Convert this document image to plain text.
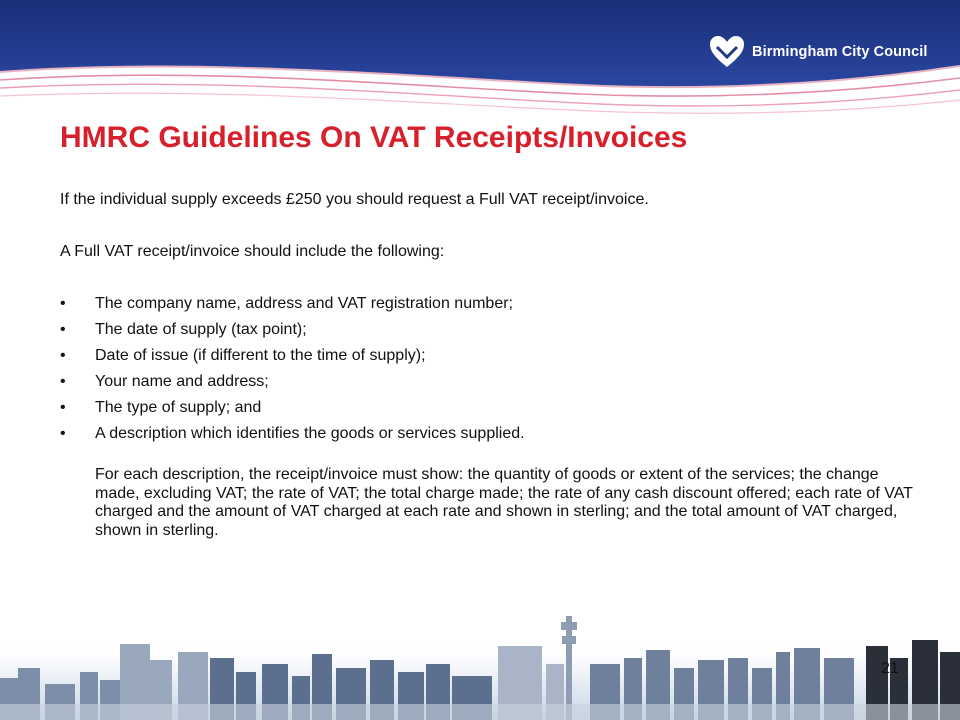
Birmingham City Council
HMRC Guidelines On VAT Receipts/Invoices

If the individual supply exceeds £250 you should request a Full VAT receipt/invoice.

A Full VAT receipt/invoice should include the following:

• The company name, address and VAT registration number;
• The date of supply (tax point);
• Date of issue (if different to the time of supply);
• Your name and address;
• The type of supply; and
• A description which identifies the goods or services supplied.

For each description, the receipt/invoice must show: the quantity of goods or extent of the services; the change made, excluding VAT; the rate of VAT; the total charge made; the rate of any cash discount offered; each rate of VAT charged and the amount of VAT charged at each rate and shown in sterling; and the total amount of VAT charged, shown in sterling.

21
